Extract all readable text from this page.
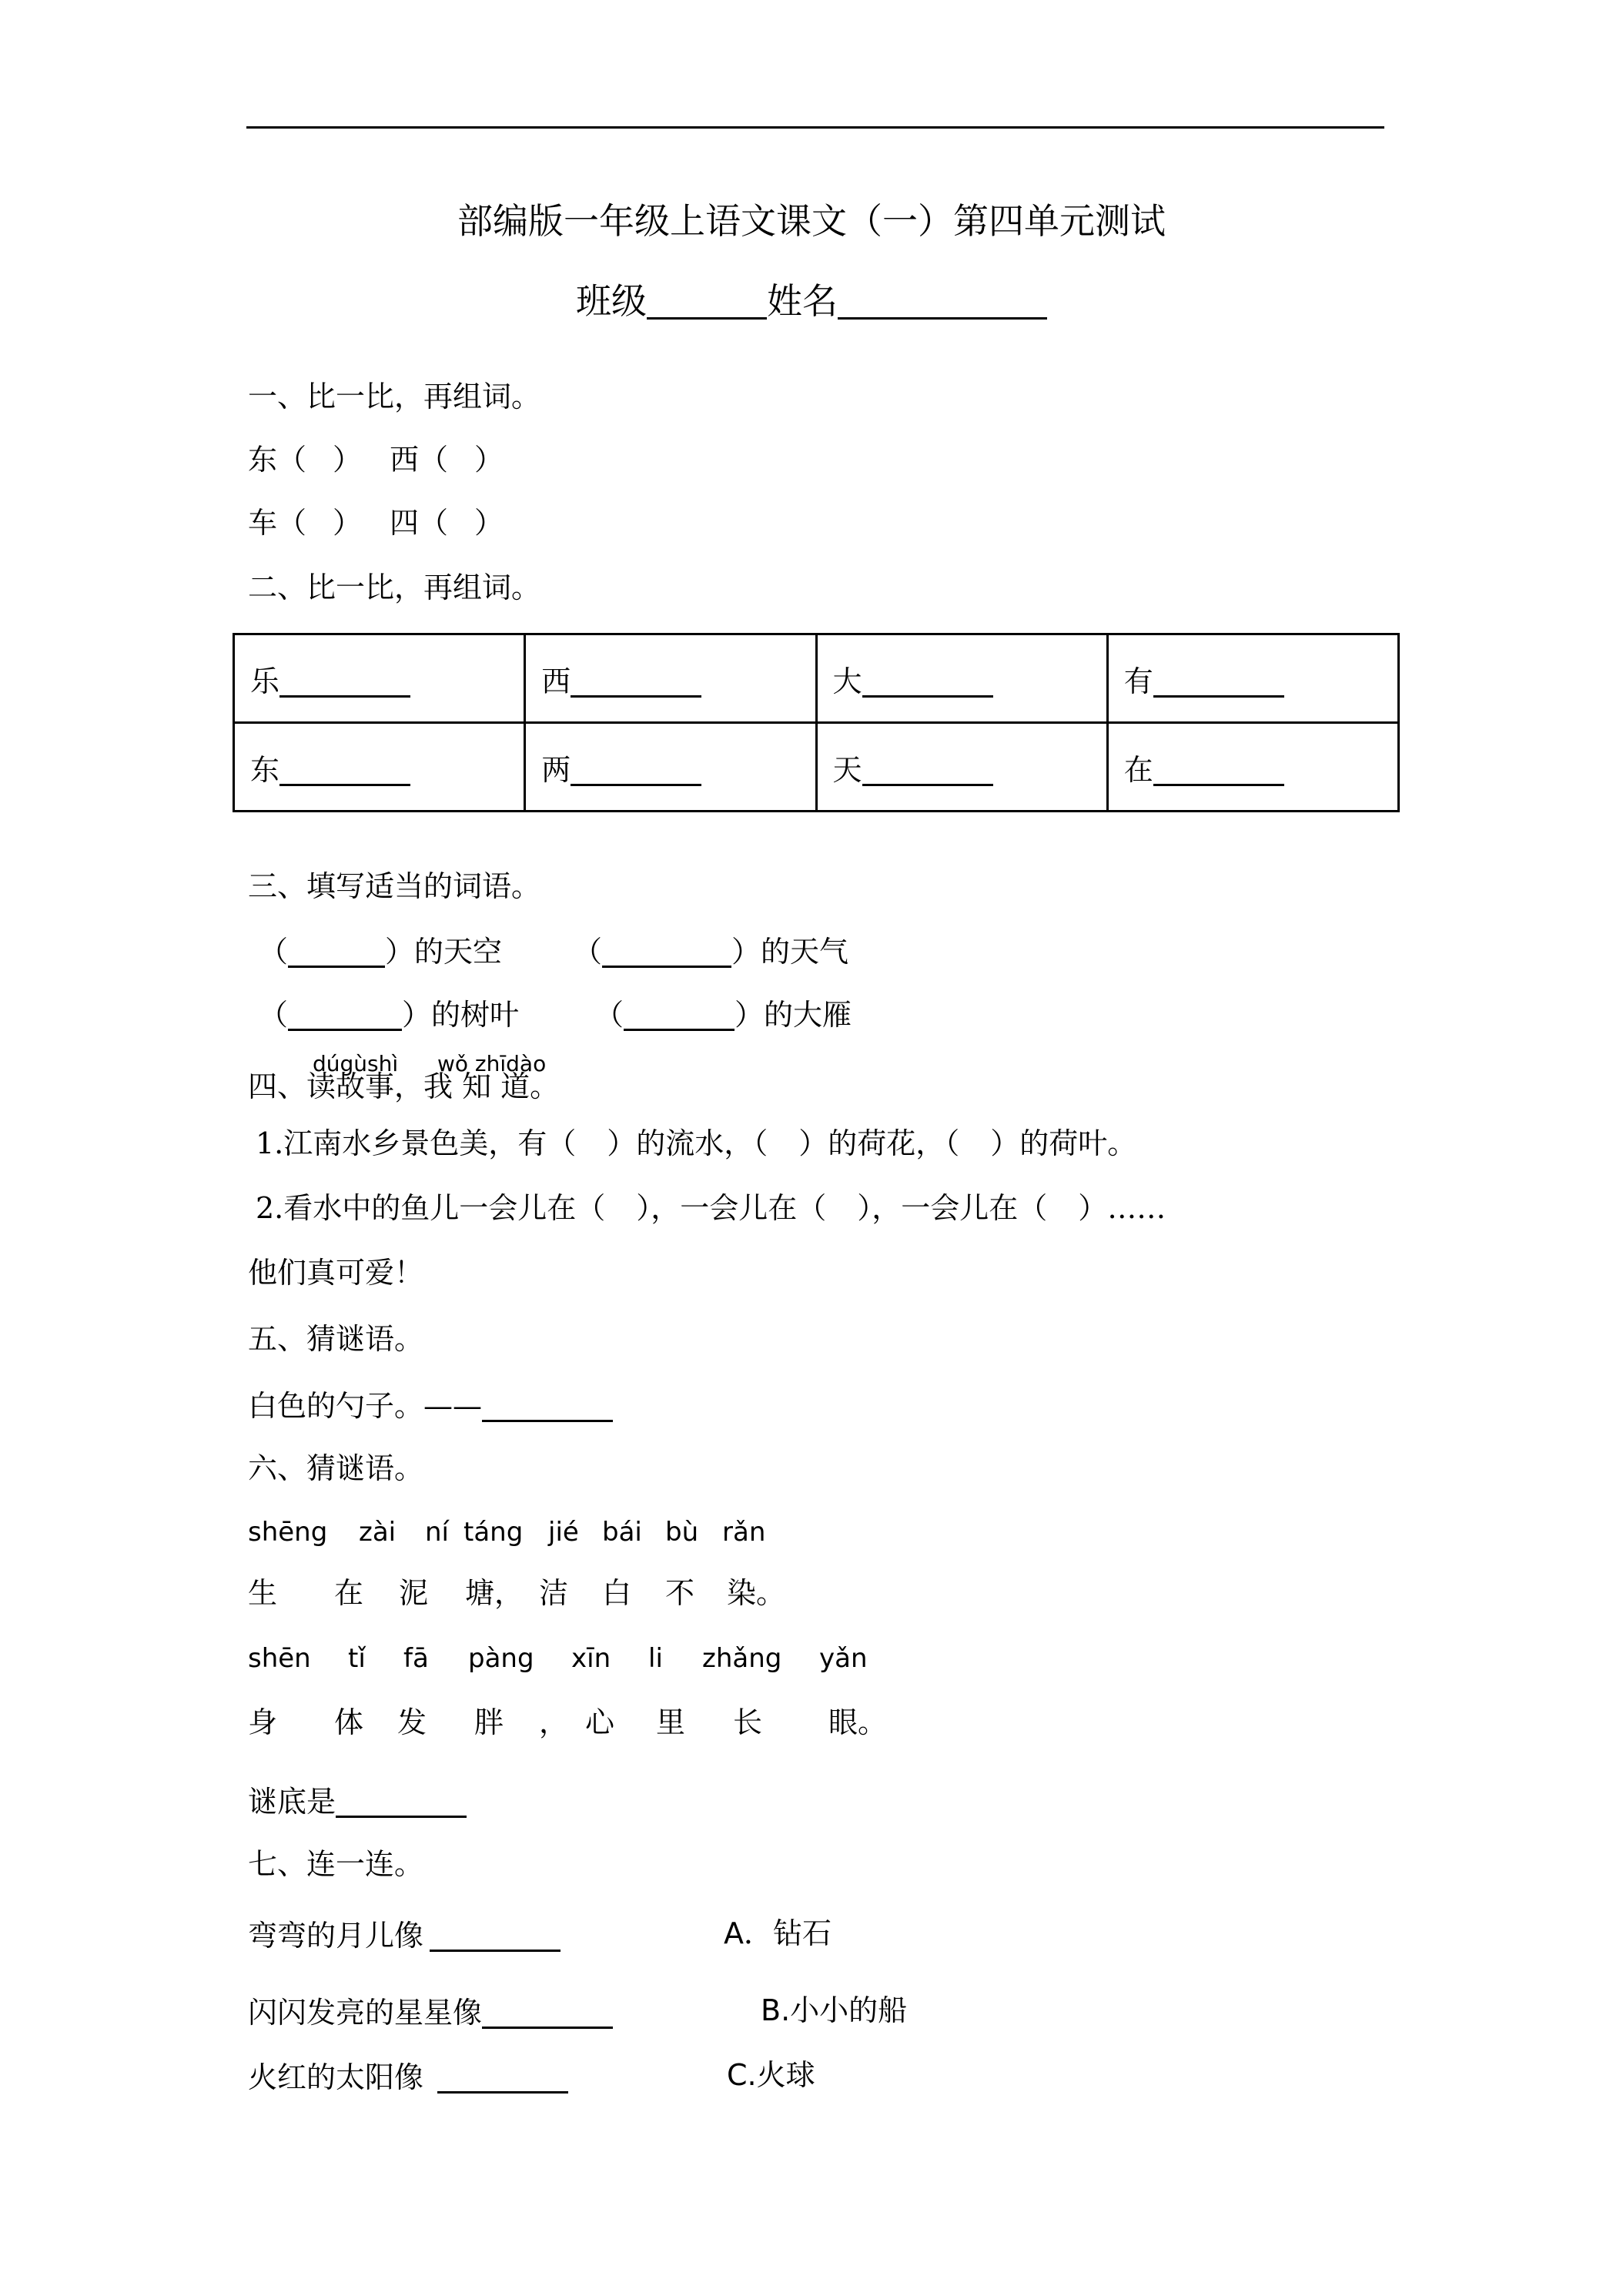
部编版一年级上语文课文（一）第四单元测试
班级	姓名
一、比一比，再组词。
东（ ） 西（ ）
车（ ） 四（ ）
二、比一比，再组词。
乐	西	大	有
东	两	天	在
三、填写适当的词语。
（	）的天空 （	）的天气
（	）的树叶	（	）的大雁
dúgùshì wǒ zhīdào
四、读故事，我 知 道。
1.江南水乡景色美，有（ ）的流水，（ ）的荷花，（ ）的荷叶。
2.看水中的鱼儿一会儿在（ ），一会儿在（ ），一会儿在（ ）……
他们真可爱！
五、猜谜语。
白色的勺子。——
六、猜谜语。
shēng zài ní táng jié bái bù rǎn
生 在 泥 塘， 洁 白 不 染。
shēn tǐ fā pàng xīn li zhǎng yǎn
身 体 发 胖 ， 心 里 长 眼。
谜底是
七、连一连。
弯弯的月儿像	A．钻石
闪闪发亮的星星像	B.小小的船
火红的太阳像	C.火球
